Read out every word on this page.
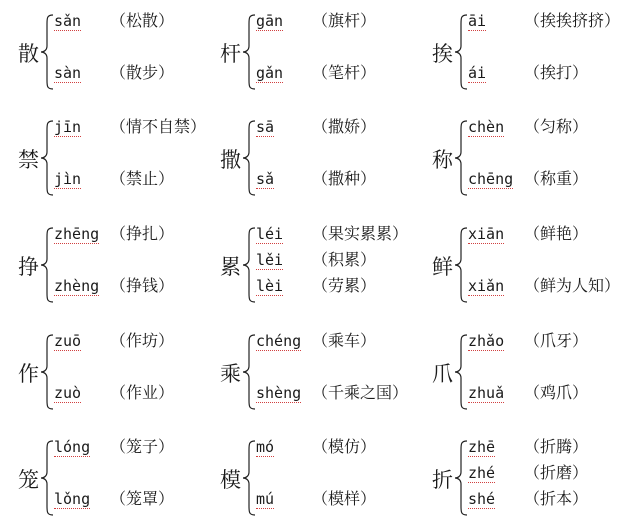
散
sǎn （松散）
sàn （散步）
杆
gān （旗杆）
gǎn （笔杆）
挨
āi （挨挨挤挤）
ái （挨打）
禁
jīn （情不自禁）
jìn （禁止）
撒
sā （撒娇）
sǎ （撒种）
称
chèn （匀称）
chēng （称重）
挣
zhēng （挣扎）
zhèng （挣钱）
累
léi （果实累累）
lěi （积累）
lèi （劳累）
鲜
xiān （鲜艳）
xiǎn （鲜为人知）
作
zuō （作坊）
zuò （作业）
乘
chéng （乘车）
shèng （千乘之国）
爪
zhǎo （爪牙）
zhuǎ （鸡爪）
笼
lóng （笼子）
lǒng （笼罩）
模
mó （模仿）
mú （模样）
折
zhē （折腾）
zhé （折磨）
shé （折本）
